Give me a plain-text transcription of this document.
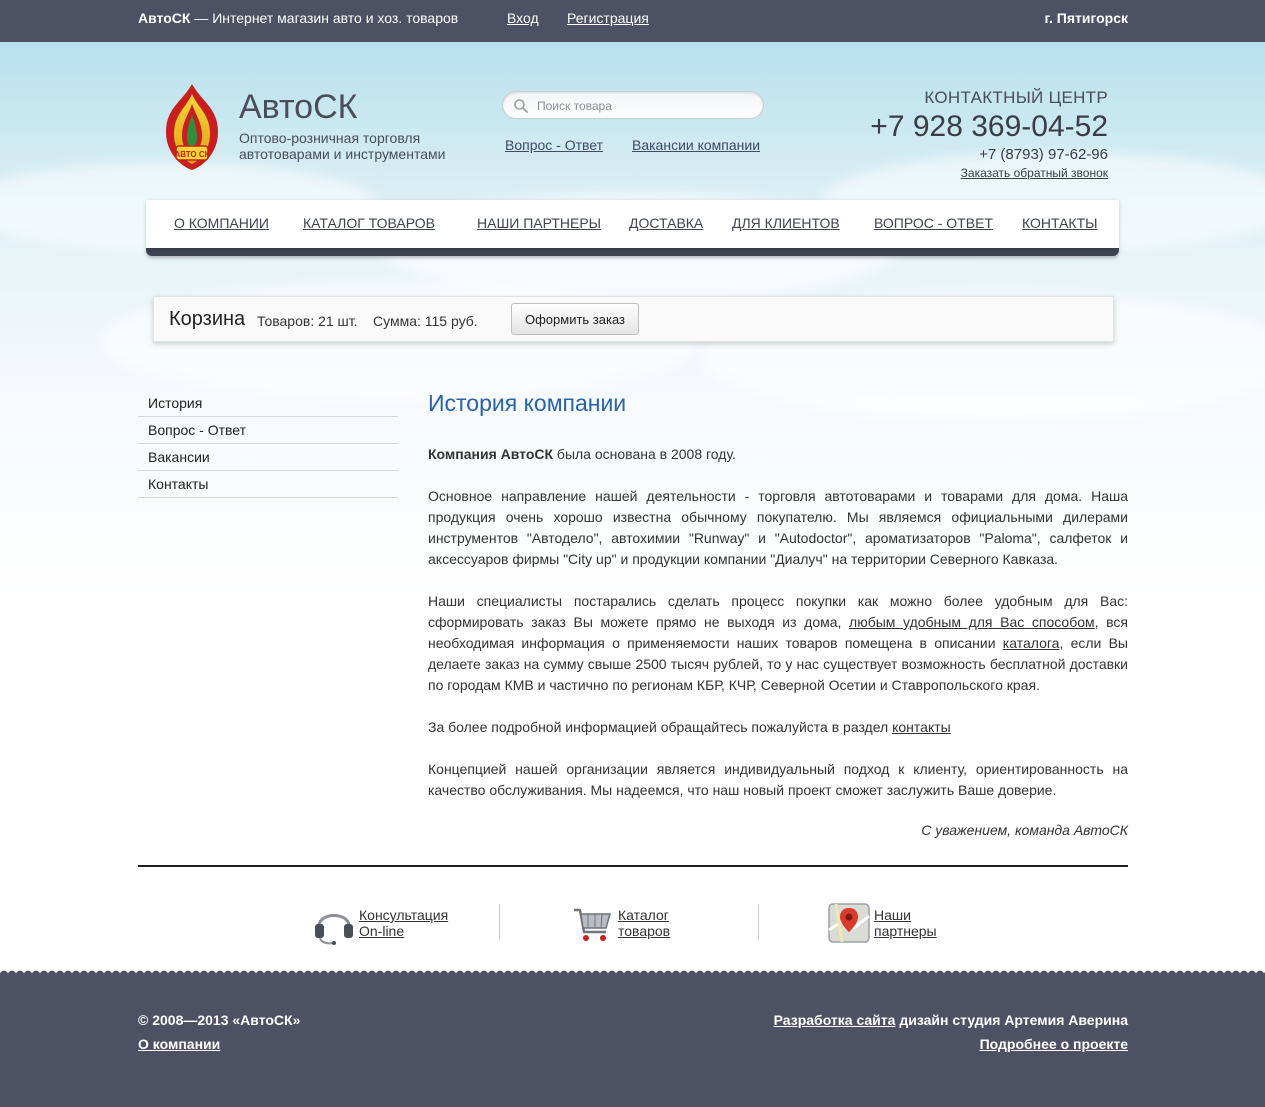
АвтоСК — Интернет магазин авто и хоз. товаров	Вход Регистрация	г. Пятигорск
АВТО СК
АвтоСК
Оптово-розничная торговля автотоварами и инструментами
Поиск товара
Вопрос - Ответ Вакансии компании
КОНТАКТНЫЙ ЦЕНТР
+7 928 369-04-52
+7 (8793) 97-62-96
Заказать обратный звонок
О КОМПАНИИ КАТАЛОГ ТОВАРОВ	НАШИ ПАРТНЕРЫ ДОСТАВКА ДЛЯ КЛИЕНТОВ ВОПРОС - ОТВЕТ КОНТАКТЫ
Корзина Товаров: 21 шт. Сумма: 115 руб.	Оформить заказ
История
Вопрос - Ответ
Вакансии
Контакты
История компании

Компания АвтоСК была основана в 2008 году.

Основное направление нашей деятельности - торговля автотоварами и товарами для дома. Наша продукция очень хорошо известна обычному покупателю. Мы являемся официальными дилерами инструментов "Автодело", автохимии "Runway" и "Autodoctor", ароматизаторов "Paloma", салфеток и аксессуаров фирмы "City up" и продукции компании "Диалуч" на территории Северного Кавказа.

Наши специалисты постарались сделать процесс покупки как можно более удобным для Вас: сформировать заказ Вы можете прямо не выходя из дома, любым удобным для Вас способом, вся необходимая информация о применяемости наших товаров помещена в описании каталога, если Вы делаете заказ на сумму свыше 2500 тысяч рублей, то у нас существует возможность бесплатной доставки по городам КМВ и частично по регионам КБР, КЧР, Северной Осетии и Ставропольского края.

За более подробной информацией обращайтесь пожалуйста в раздел контакты

Концепцией нашей организации является индивидуальный подход к клиенту, ориентированность на качество обслуживания. Мы надеемся, что наш новый проект сможет заслужить Ваше доверие.

С уважением, команда АвтоСК
Консультация
On-line
Каталог
товаров
Наши
партнеры
© 2008—2013 «АвтоСК»
О компании
Разработка сайта дизайн студия Артемия Аверина
Подробнее о проекте
